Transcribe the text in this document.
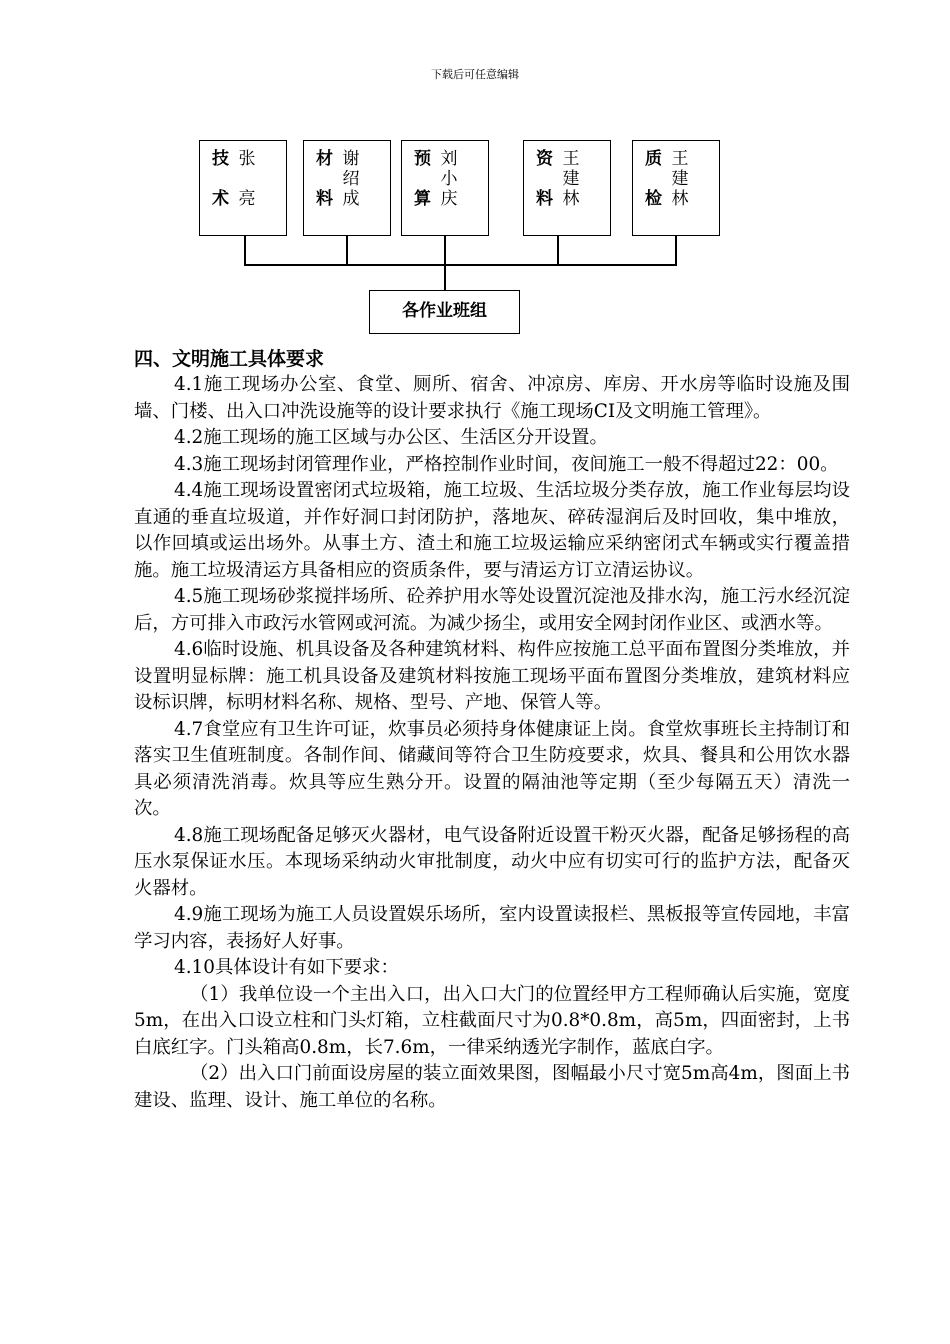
下载后可任意编辑
技
术
张
亮
材
料
谢
绍
成
预
算
刘
小
庆
资
料
王
建
林
质
检
王
建
林
各作业班组
四、文明施工具体要求

4.1施工现场办公室、食堂、厕所、宿舍、冲凉房、库房、开水房等临时设施及围墙、门楼、出入口冲洗设施等的设计要求执行《施工现场CI及文明施工管理》。

4.2施工现场的施工区域与办公区、生活区分开设置。

4.3施工现场封闭管理作业，严格控制作业时间，夜间施工一般不得超过22：00。

4.4施工现场设置密闭式垃圾箱，施工垃圾、生活垃圾分类存放，施工作业每层均设直通的垂直垃圾道，并作好洞口封闭防护，落地灰、碎砖湿润后及时回收，集中堆放，以作回填或运出场外。从事土方、渣土和施工垃圾运输应采纳密闭式车辆或实行覆盖措施。施工垃圾清运方具备相应的资质条件，要与清运方订立清运协议。

4.5施工现场砂浆搅拌场所、砼养护用水等处设置沉淀池及排水沟，施工污水经沉淀后，方可排入市政污水管网或河流。为减少扬尘，或用安全网封闭作业区、或洒水等。

4.6临时设施、机具设备及各种建筑材料、构件应按施工总平面布置图分类堆放，并设置明显标牌：施工机具设备及建筑材料按施工现场平面布置图分类堆放，建筑材料应设标识牌，标明材料名称、规格、型号、产地、保管人等。

4.7食堂应有卫生许可证，炊事员必须持身体健康证上岗。食堂炊事班长主持制订和落实卫生值班制度。各制作间、储藏间等符合卫生防疫要求，炊具、餐具和公用饮水器具必须清洗消毒。炊具等应生熟分开。设置的隔油池等定期（至少每隔五天）清洗一次。

4.8施工现场配备足够灭火器材，电气设备附近设置干粉灭火器，配备足够扬程的高压水泵保证水压。本现场采纳动火审批制度，动火中应有切实可行的监护方法，配备灭火器材。

4.9施工现场为施工人员设置娱乐场所，室内设置读报栏、黑板报等宣传园地，丰富学习内容，表扬好人好事。

4.10具体设计有如下要求：

（1）我单位设一个主出入口，出入口大门的位置经甲方工程师确认后实施，宽度5m，在出入口设立柱和门头灯箱，立柱截面尺寸为0.8*0.8m，高5m，四面密封，上书白底红字。门头箱高0.8m，长7.6m，一律采纳透光字制作，蓝底白字。

（2）出入口门前面设房屋的装立面效果图，图幅最小尺寸宽5m高4m，图面上书建设、监理、设计、施工单位的名称。
